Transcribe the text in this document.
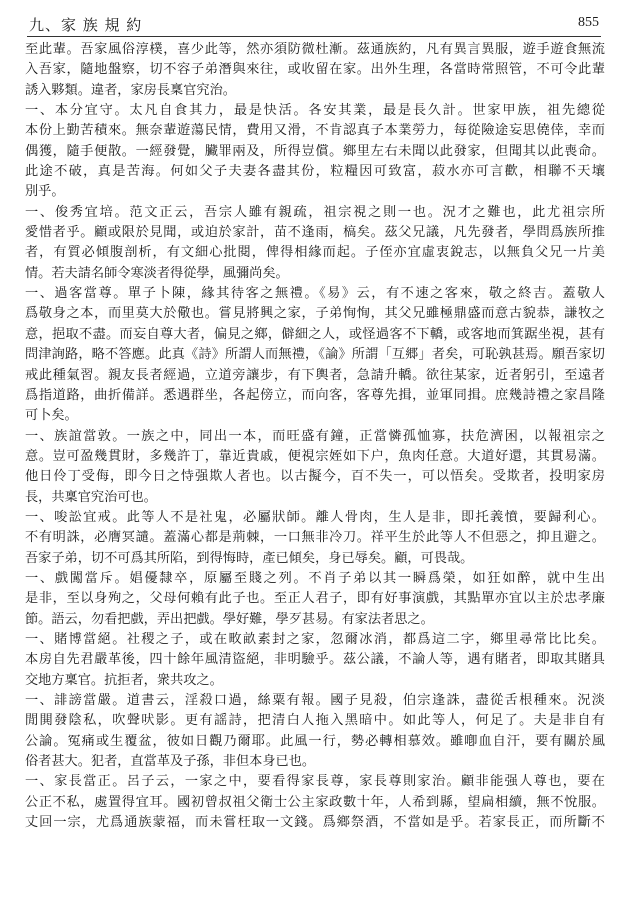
九、家 族 規 約	855
至此輩。吾家風俗淳樸，喜少此等，然亦須防微杜漸。茲通族約，凡有異言異服，遊手遊食無流
入吾家，隨地盤察，切不容子弟潛與來往，或收留在家。出外生理，各當時常照管，不可令此輩
誘入夥類。違者，家房長稟官究治。
一、本分宜守。太凡自食其力，最是快活。各安其業，最是長久計。世家甲族，祖先總從
本份上勤苦積來。無奈輩遊蕩民情，費用又滑，不肯認真子本業勞力，每從險途妄思僥倖，幸而
偶獲，隨手便散。一經發覺，臟罪兩及，所得豈償。鄉里左右未聞以此發家，但聞其以此喪命。
此途不破，真是苦海。何如父子夫妻各盡其份，粒糧因可致富，菽水亦可言歡，相聯不天壤
別乎。
一、俊秀宜培。范文正云，吾宗人雖有親疏，祖宗視之則一也。況才之難也，此尤祖宗所
愛惜者乎。顧或限於見聞，或迫於家計，苗不逢雨，槁矣。茲父兄議，凡先發者，學問爲族所推
者，有質必傾腹剖析，有文細心批閱，俾得相緣而起。子侄亦宜虛衷銳志，以無負父兄一片美
情。若夫請名師令寒淡者得從學，風彌尚矣。
一、過客當尊。單子卜陳，緣其待客之無禮。《易》云，有不速之客來，敬之終吉。蓋敬人
爲敬身之本，而里莫大於儆也。嘗見將興之家，子弟恂恂，其父兄雖極鼎盛而意古貌恭，謙牧之
意，挹取不盡。而妄自尊大者，偏見之鄉，僻細之人，或怪過客不下轎，或客地而箕踞坐視，甚有
問津詢路，略不答應。此真《詩》所謂人而無禮，《論》所謂「互郷」者矣，可恥孰甚焉。願吾家切
戒此種氣習。親友長者經過，立道旁讓步，有下輿者，急請升轎。欲往某家，近者躬引，至遠者
爲指道路，曲折備詳。悉遇群坐，各起傍立，而向客，客尊先揖，並軍同揖。庶幾詩禮之家昌隆
可卜矣。
一、族誼當敦。一族之中，同出一本，而旺盛有鐘，正當憐孤恤寡，扶危濟困，以報祖宗之
意。豈可盈幾貫財，多幾許丁，靠近貴戚，便視宗姪如下户，魚肉任意。大道好還，其貫易滿。
他日伶丁受侮，即今日之恃强欺人者也。以古擬今，百不失一，可以悟矣。受欺者，投明家房
長，共稟官究治可也。
一、唆訟宜戒。此等人不是社鬼，必屬狀師。離人骨肉，生人是非，即托義憤，要歸利心。
不有明誅，必膺冥譴。蓋滿心都是荊棘，一口無非冷刀。祥平生於此等人不但惡之，抑且避之。
吾家子弟，切不可爲其所陷，到得悔時，產已傾矣，身已辱矣。顧，可畏哉。
一、戲闖當斥。娼優隸卒，原屬至賤之列。不肖子弟以其一瞬爲榮，如狂如醉，就中生出
是非，至以身殉之，父母何賴有此子也。至正人君子，即有好事演戲，其點單亦宜以主於忠孝廉
節。語云，勿看把戲，弄出把戲。學好難，學歹甚易。有家法者思之。
一、賭博當絕。社稷之子，或在畋畝素封之家，忽爾冰消，都爲這二字，鄉里尋常比比矣。
本房自先君嚴革後，四十餘年風清盜絕，非明驗乎。茲公議，不論人等，遇有賭者，即取其賭具
交地方稟官。抗拒者，衆共攻之。
一、誹謗當嚴。道書云，淫殺口過，絲粟有報。國子見殺，伯宗逢誅，盡從舌根種來。況淡
閒閧發陰私，吹聲吠影。更有謡詩，把清白人拖入黑暗中。如此等人，何足了。夫是非自有
公論。冤痛或生覆盆，彼如日觀乃爾耶。此風一行，勢必轉相慕效。雖喞血自汗，要有關於風
俗者甚大。犯者，直當革及子孫，非但本身已也。
一、家長當正。呂子云，一家之中，要看得家長尊，家長尊則家治。顧非能强人尊也，要在
公正不私，處置得宜耳。國初曾叔祖父衛士公主家政數十年，人希到縣，望扁相續，無不悅服。
丈回一宗，尤爲通族蒙福，而未嘗枉取一文錢。爲鄉祭酒，不當如是乎。若家長正，而所斷不
